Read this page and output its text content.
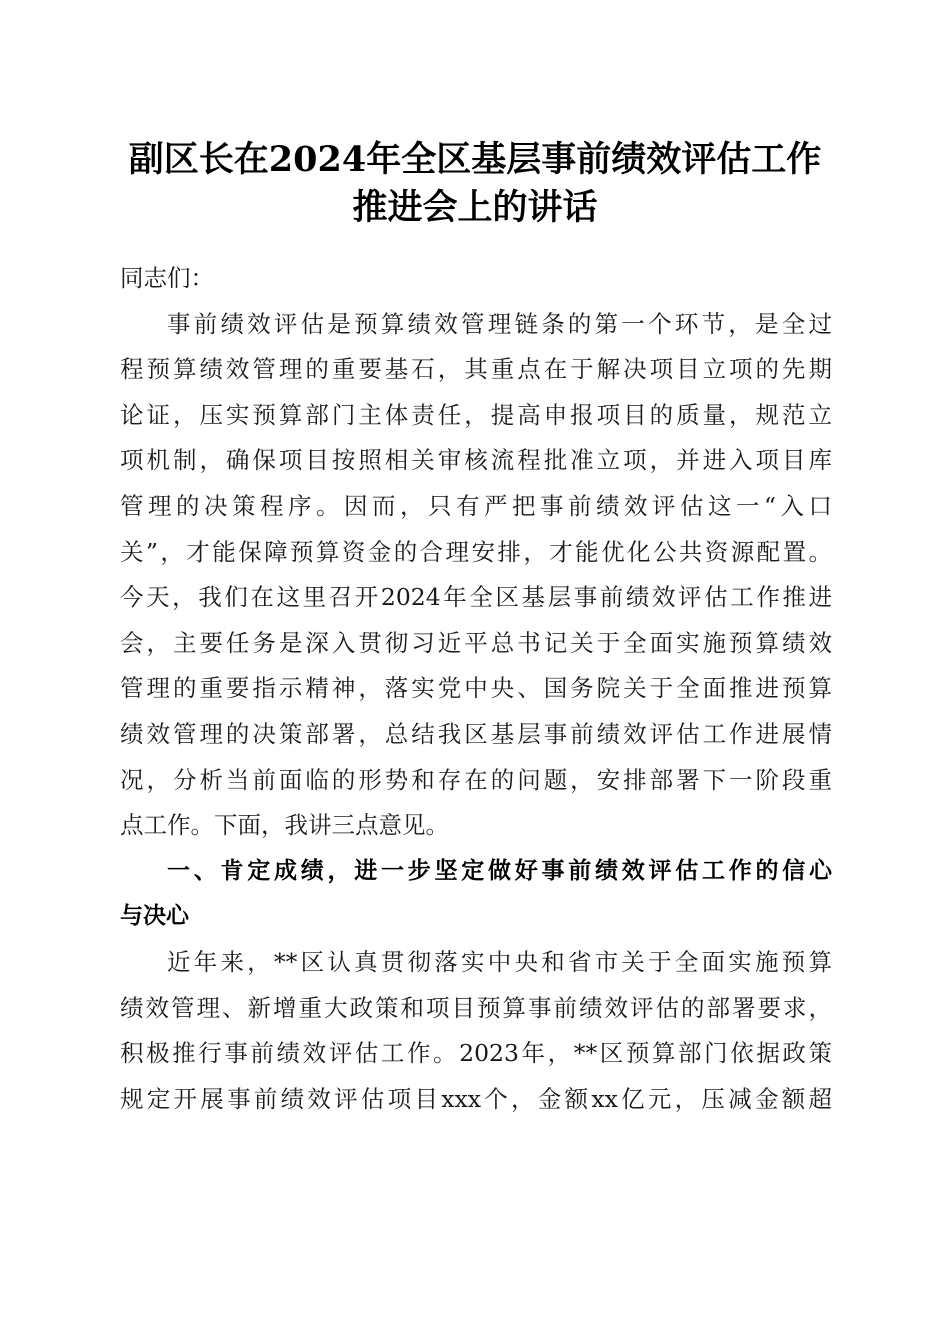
副区长在2024年全区基层事前绩效评估工作
推进会上的讲话
同志们：
事前绩效评估是预算绩效管理链条的第一个环节，是全过
程预算绩效管理的重要基石，其重点在于解决项目立项的先期
论证，压实预算部门主体责任，提高申报项目的质量，规范立
项机制，确保项目按照相关审核流程批准立项，并进入项目库
管理的决策程序。因而，只有严把事前绩效评估这一“入口
关”，才能保障预算资金的合理安排，才能优化公共资源配置。
今天，我们在这里召开2024年全区基层事前绩效评估工作推进
会，主要任务是深入贯彻习近平总书记关于全面实施预算绩效
管理的重要指示精神，落实党中央、国务院关于全面推进预算
绩效管理的决策部署，总结我区基层事前绩效评估工作进展情
况，分析当前面临的形势和存在的问题，安排部署下一阶段重
点工作。下面，我讲三点意见。
一、肯定成绩，进一步坚定做好事前绩效评估工作的信心
与决心
近年来，**区认真贯彻落实中央和省市关于全面实施预算
绩效管理、新增重大政策和项目预算事前绩效评估的部署要求，
积极推行事前绩效评估工作。2023年，**区预算部门依据政策
规定开展事前绩效评估项目xxx个，金额xx亿元，压减金额超
